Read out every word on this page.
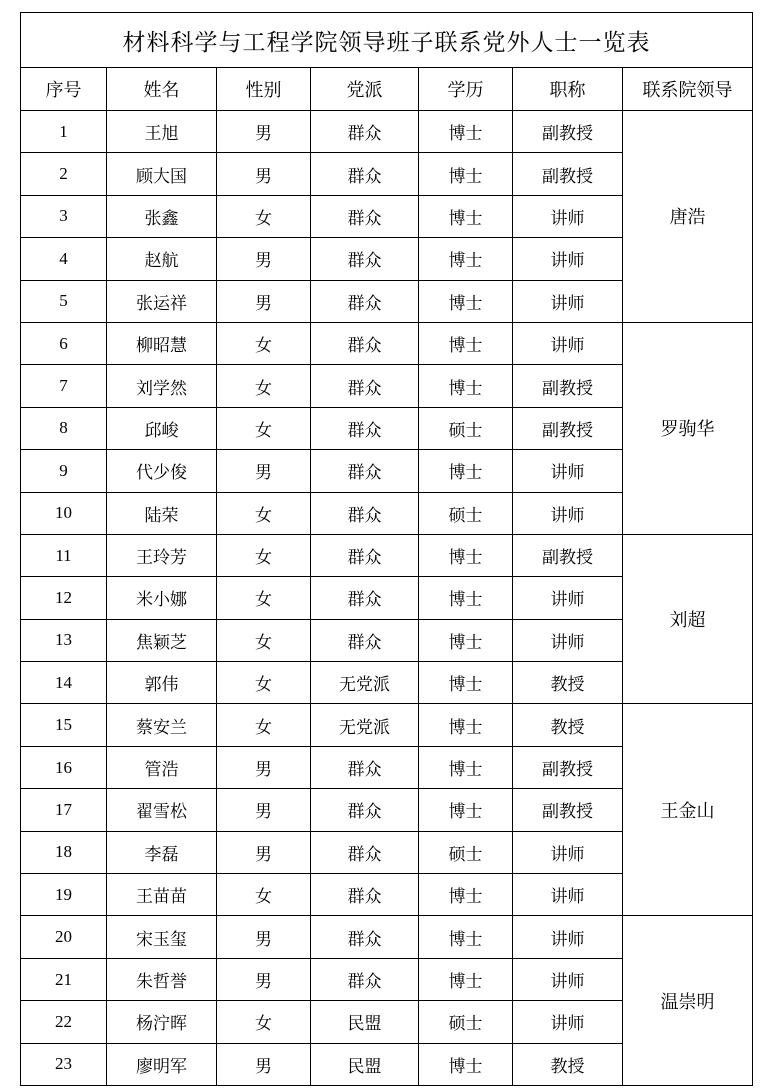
材料科学与工程学院领导班子联系党外人士一览表						
序号	姓名	性别	党派	学历	职称	联系院领导
1	王旭	男	群众	博士	副教授	唐浩
2	顾大国	男	群众	博士	副教授	
3	张鑫	女	群众	博士	讲师	
4	赵航	男	群众	博士	讲师	
5	张运祥	男	群众	博士	讲师	
6	柳昭慧	女	群众	博士	讲师	罗驹华
7	刘学然	女	群众	博士	副教授	
8	邱峻	女	群众	硕士	副教授	
9	代少俊	男	群众	博士	讲师	
10	陆荣	女	群众	硕士	讲师	
11	王玲芳	女	群众	博士	副教授	刘超
12	米小娜	女	群众	博士	讲师	
13	焦颖芝	女	群众	博士	讲师	
14	郭伟	女	无党派	博士	教授	
15	蔡安兰	女	无党派	博士	教授	王金山
16	管浩	男	群众	博士	副教授	
17	翟雪松	男	群众	博士	副教授	
18	李磊	男	群众	硕士	讲师	
19	王苗苗	女	群众	博士	讲师	
20	宋玉玺	男	群众	博士	讲师	温崇明
21	朱哲誉	男	群众	博士	讲师	
22	杨泞晖	女	民盟	硕士	讲师	
23	廖明军	男	民盟	博士	教授	
